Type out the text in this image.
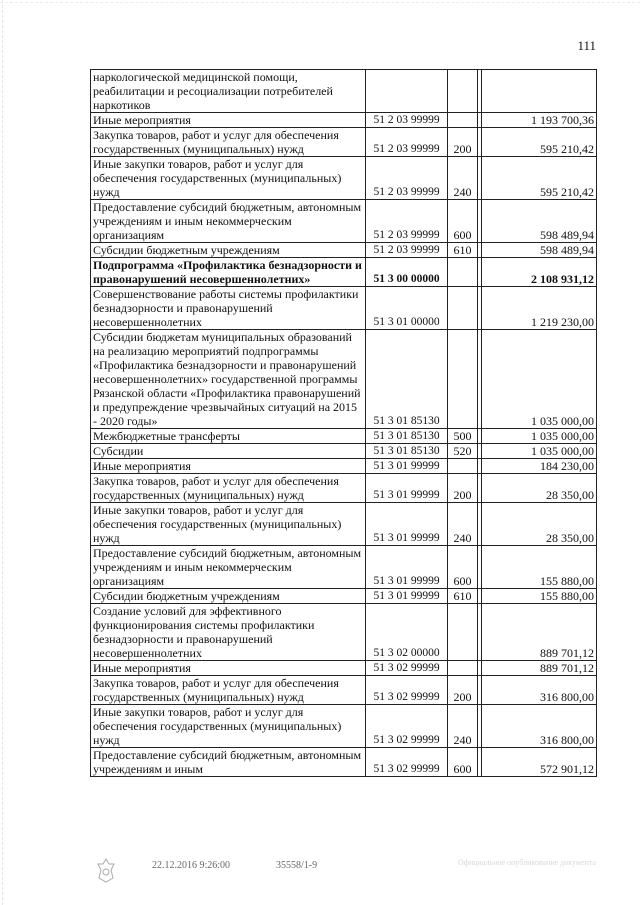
111
наркологической медицинской помощи, реабилитации и ресоциализации потребителей наркотиков				
Иные мероприятия	51 2 03 99999			1 193 700,36
Закупка товаров, работ и услуг для обеспечения государственных (муниципальных) нужд	51 2 03 99999	200		595 210,42
Иные закупки товаров, работ и услуг для обеспечения государственных (муниципальных) нужд	51 2 03 99999	240		595 210,42
Предоставление субсидий бюджетным, автономным учреждениям и иным некоммерческим организациям	51 2 03 99999	600		598 489,94
Субсидии бюджетным учреждениям	51 2 03 99999	610		598 489,94
Подпрограмма «Профилактика безнадзорности и правонарушений несовершеннолетних»	51 3 00 00000			2 108 931,12
Совершенствование работы системы профилактики безнадзорности и правонарушений несовершеннолетних	51 3 01 00000			1 219 230,00
Субсидии бюджетам муниципальных образований на реализацию мероприятий подпрограммы «Профилактика безнадзорности и правонарушений несовершеннолетних» государственной программы Рязанской области «Профилактика правонарушений и предупреждение чрезвычайных ситуаций на 2015 - 2020 годы»	51 3 01 85130			1 035 000,00
Межбюджетные трансферты	51 3 01 85130	500		1 035 000,00
Субсидии	51 3 01 85130	520		1 035 000,00
Иные мероприятия	51 3 01 99999			184 230,00
Закупка товаров, работ и услуг для обеспечения государственных (муниципальных) нужд	51 3 01 99999	200		28 350,00
Иные закупки товаров, работ и услуг для обеспечения государственных (муниципальных) нужд	51 3 01 99999	240		28 350,00
Предоставление субсидий бюджетным, автономным учреждениям и иным некоммерческим организациям	51 3 01 99999	600		155 880,00
Субсидии бюджетным учреждениям	51 3 01 99999	610		155 880,00
Создание условий для эффективного функционирования системы профилактики безнадзорности и правонарушений несовершеннолетних	51 3 02 00000			889 701,12
Иные мероприятия	51 3 02 99999			889 701,12
Закупка товаров, работ и услуг для обеспечения государственных (муниципальных) нужд	51 3 02 99999	200		316 800,00
Иные закупки товаров, работ и услуг для обеспечения государственных (муниципальных) нужд	51 3 02 99999	240		316 800,00
Предоставление субсидий бюджетным, автономным учреждениям и иным	51 3 02 99999	600		572 901,12
22.12.2016 9:26:00	35558/1-9	Официальное опубликование документа
